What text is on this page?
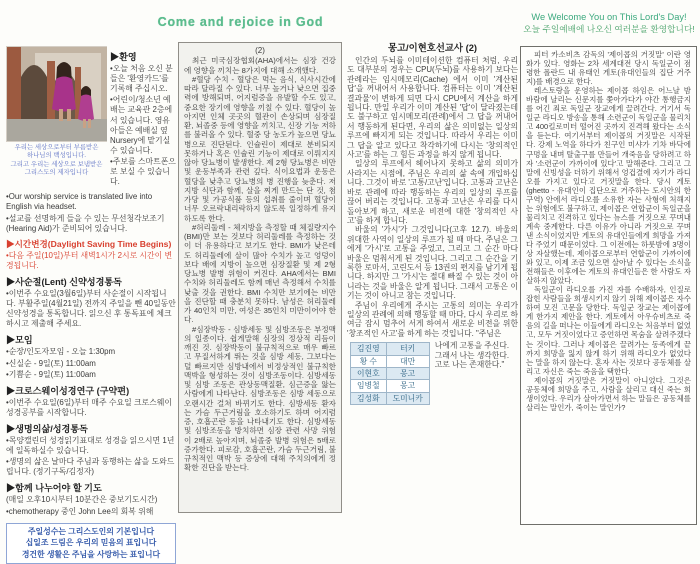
Come and rejoice in God	We Welcome You on This Lord's Day!
오늘 주일예배에 나오신 여러분을 환영합니다!
우리는 세상으로부터 부름받은
하나님의 백성입니다.
그리고 우리는 세상으로 보냄받은
그리스도의 제자입니다
▶환영
•오늘 처음 오신 분들은 '환영카드'를 기록해 주십시오.
•어린이/청소년 예배는 교육관 2층에서 있습니다. 영유아들은 예배실 옆 Nursery에 맡기실 수 있습니다.
•주보를 스마트폰으로 보실 수 있습니다.
•Our worship service is translated live into English via headset.
•설교를 선명하게 들을 수 있는 무선청각보조기(Hearing Aid)가 준비되어 있습니다.
▶시간변경(Daylight Saving Time Begins)
•다음 주일(10일)부터 새벽1시가 2시로 시간이 변경됩니다.
▶사순절(Lent) 신약성경통독
•이번주 수요일(3월6일)부터 사순절이 시작됩니다. 부활주일(4월21일) 전까지 주일을 뺀 40일동안 신약성경을 통독합니다. 읽으신 후 통독표에 체크하시고 제출해 주세요.
▶모임
•순장/인도자모임 - 오늘 1:30pm
•신실순 - 9일(토) 11:00am
•기쁨순 - 9일(토) 11:00am
▶크로스웨이성경연구 (구약편)
•이번주 수요일(6일)부터 매주 수요일 크로스웨이 성경공부를 시작합니다.
▶생명의삶/성경통독
•목양캘린더 성경읽기표대로 성경을 읽으시면 1년에 일독하실수 있습니다.
•생명의 삶은 날마다 주님과 동행하는 삶을 도와드립니다. (정기구독/김정자)
▶함께 나누어야 할 기도
(매일 오후10시부터 10분간은 중보기도시간)
•chemotherapy 중인 John Lee의 회복 위해
주일성수는 그리스도인의 기본입니다
십일조 드림은 우리의 믿음의 표입니다
경건한 생활은 주님을 사랑하는 표입니다
(2)
최근 미국심장협회(AHA)에서는 심장 건강에 영향을 끼치는 8가지에 대해 소개했다.
#혈당 수치 - 혈당은 먹는 음식, 식사시간에 따라 달라질 수 있다. 너무 높거나 낮으면 집중력에 방해되며, 어지럼증을 유발할 수도 있고, 중요한 장기에 영향을 끼칠 수 있다. 혈당이 높아지면 인체 곳곳의 혈관이 손상되며 심장질환, 뇌졸중 등에 영향을 끼치고, 신장 기능 저하를 불러올 수 있다. 혈중 당 농도가 높으면 당뇨병으로 진단된다. 인슐린이 제대로 분비되지 못하거나 혹은 인슐린 기능이 제대로 이뤄지지 않아 당뇨병이 발생한다. 제 2형 당뇨병은 비만 및 운동부족과 관련 깊다. 식이요법과 운동은 혈당을 낮추고 당뇨병의 병 진행을 늦춘다. 저지방 식단과 함께, 살을 찌게 만드는 단 것, 첨가당 및 가공식품 등의 섭취를 줄이며 혈당이 너무 오르락내리락하지 않도록 일정하게 유지하도록 한다.
#허리둘레 - 체지방을 측정할 때 체질량지수(BMI)만 보는 것보다 허리둘레를 측정하는 것이 더 유용하다고 보기도 한다. BMI가 낮은데도 허리둘레에 살이 많아 수치가 높고 엉덩이보다 배에 지방이 높으면 심장질환 및 제 2형 당뇨병 발병 위험이 커진다. AHA에서는 BMI 수치와 허리둘레도 함께 매년 측정해서 수치를 낮출 것을 권한다. BMI 수치만 보기에는 비만을 진단할 때 충분치 못하다. 남성은 허리둘레가 40인치 미만, 여성은 35인치 미만이어야 한다.
#심장박동 - 심방세동 및 심방조동은 부정맥의 일종이다. 쉽게말해 심장의 정상적 리듬이 깨진 것. 심장박동이 불규칙적으로 매우 빠르고 무질서하게 뛰는 것을 심방 세동, 그보다는 덜 빠르지만 심방내에서 비정상적인 불규칙한 맥박을 형성하는 것이 심방조동이다. 심방세동 및 심방 조동은 관상동맥질환, 심근증을 앓는 사람에게 나타난다. 심방조동은 심방 세동으로 오랜시간 걸쳐 바뀌기도 한다. 심방세동 환자는 가슴 두근거림을 호소하기도 하며 어지럼증, 호흡곤란 등을 나타내기도 한다. 심방세동 및 심방조동을 방치하면 심장 관련 사망 위험이 2배로 높아지며, 뇌졸중 발병 위험은 5배로 증가한다. 피로감, 호흡곤란, 가슴 두근거림, 불규칙적인 맥박 등 증상에 대해 주치의에게 정확한 진단을 받는다.
몽고/이현호선교사 (2)
인간의 두뇌를 이미테이션한 컴퓨터 처럼, 우리도 대부분의 경우는 CPU(두뇌)를 사용하기 보다는 관례라는 임시메모리(Cache) 에서 이미 '계산된 답'을 꺼내어서 사용합니다. 컴퓨터는 이미 '계산된 결과물'이 변하게 되면 다시 CPU에서 계산을 하게 됩니다. 만일 우리가 이미 계산된 '답'이 달라졌는데도 불구하고 임시메모리(관례)에서 그 답을 꺼내어서 행동하게 된다면, 우리의 삶은 의미없는 일상의 루프에 빠지게 되는 것입니다. 따라서 우리는 이미 그 답을 알고 있다고 착각하기에 다시는 '창의적인 사고'를 하는 그 힘든 과정을 하지 않게 됩니다.
일상의 루프에서 헤어나지 못하고 삶의 의미가 사라지는 시점에, 주님은 우리의 삶 속에 개입하십니다. 그것이 바로 '고통/고난'입니다. 고통과 고난은 바로 관례에 따라 행동하는 우리의 일상의 루프를 끊어 버리는 것입니다. 고통과 고난은 우리를 다시 돌아보게 하고, 새로운 비전에 대한 '창의적인 사고'를 하게 합니다.
바울의 '가시'가 그것입니다(고후 12.7). 바울의 위대한 사역이 일상의 루프가 될 때 마다, 주님은 그에게 '가시'로 고통을 주었고, 그리고 그 순간 마다 바울은 멈춰서게 된 것입니다. 그리고 그 순간을 기록한 로마서, 고린도서 등 13권의 편지를 남기게 됩니다. 하지만 그 '가시'는 절대 빠질 수 있는 것이 아니라는 것을 바울은 알게 됩니다. 그래서 고통은 이기는 것이 아니고 참는 것입니다.
주님이 우리에게 주시는 고통의 의미는 우리가 일상의 관례에 의해 행동할 때 마다, 다시 우리로 하여금 잠시 멈추어 서게 하여서 새로운 비전을 위한 '창조적인 사고'를 하게 하는 것입니다. "주님은
김진영	터키
황 수	대만
이현호	몽고
임병철	몽고
김성화	도미니카
나에게 고통을 주신다. 그래서 나는 생각한다. 고로 나는 존재한다."
피터 카소비츠 감독의 '제이콥의 거짓말' 이란 영화가 있다. 영화는 2차 세계대전 당시 독일군이 점령한 폴란드 내 유태인 게토(유대인들의 집단 거주지)를 배경으로 한다.
레스토랑을 운영하는 제이콥 하임은 어느날 밤 바람에 날리는 신문지를 쫓아가다가 야간 통행금지를 어긴 죄로 독일군 장교에게 끌려간다. 거기서 독일군 라디오 방송을 통해 소련군이 독일군을 물리치고 400킬로미터 떨어진 곳까지 진격해 왔다는 소식을 듣는다. 여기서부터 제이콥의 거짓말은 시작된다. 강제 노역을 하다가 친구인 미샤가 기차 바닥에 구멍을 내며 탈출구를 만들어 개죽음을 당하려고 하자 '소련군이 가까이에 있다'고 말해준다. 그리고 그 말에 신빙성을 더하기 위해서 엉겁결에 자기가 라디오를 가지고 있다고 거짓말을 한다. 당시 게토(ghetto - 유대인이 집단으로 거주하는 도시안의 한 구역) 안에서 라디오를 소유한 자는 사형에 처해지는 위험에도 불구하고, 제이콥은 연합군이 독일군을 물리치고 진격하고 있다는 뉴스를 거짓으로 꾸며내 계속 중계한다. 다른 이유가 아니라 거짓으로 꾸며낸 소식이었지만 게토의 유대인들에게 희망을 가져다 주었기 때문이었다. 그 이전에는 하룻밤에 3명이상 자살했는데, 제이콥으로부터 연합군이 가까이에 와 있고, 이제 조금 있으면 살아날 수 있다는 소식을 전해들은 이후에는 게토의 유대인들은 한 사람도 자살하지 않았다.
독일군이 라디오를 가진 자를 수배하자, 인질로 잡힌 사람들을 희생시키지 않기 위해 제이콥은 자수하여 모진 고문을 당한다. 독일군 장교는 제이콥에게 한가지 제안을 한다. 게토에서 아우슈비츠로 죽음의 길을 떠나는 이들에게 라디오는 처음부터 없었고, 모두 거짓이었다고 증언하면 목숨을 살려주겠다는 것이다. 그러나 제이콥은 끌려가는 동족에게 끝까지 희망을 잃지 않게 하기 위해 라디오가 없었다는 말을 하지 않는다. 혼자 사는 것보다 공동체를 살리고 자신은 죽는 죽음을 택한다.
제이콥의 거짓말은 거짓말이 아니었다. 그것은 공동체에 희망을 주고, 사람을 살리고 대신 죽는 희생이었다. 우리가 살아가면서 하는 말들은 공동체를 살리는 말인가, 죽이는 말인가?
